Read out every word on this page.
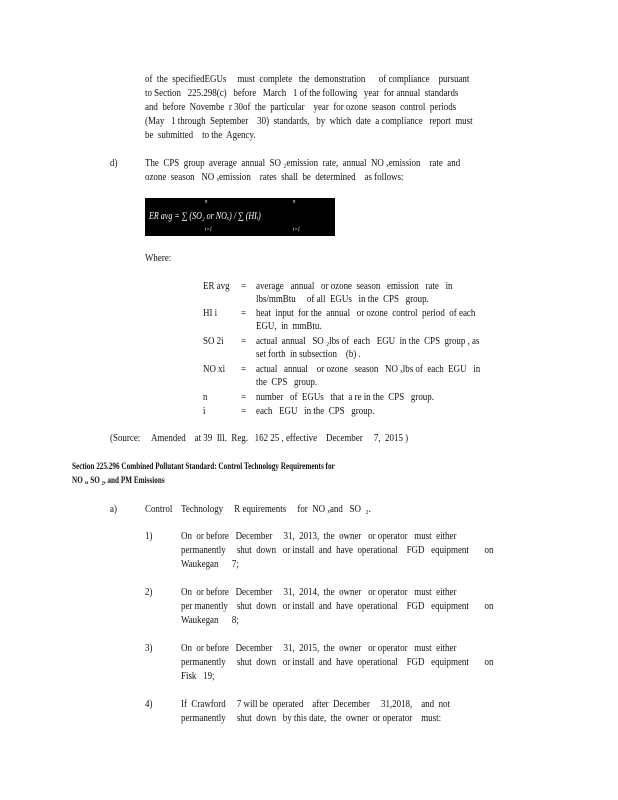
of  the  specifiedEGUs     must  complete   the  demonstration      of compliance    pursuant
to Section   225.298(c)   before   March   1 of the following   year  for annual  standards
and  before  Novembe  r 30of  the  particular    year  for ozone  season  control  periods
(May   1 through  September    30)  standards,   by  which  date  a compliance   report  must
be  submitted    to the  Agency.
d)	The  CPS  group  average  annual  SO ₂emission  rate,  annual  NO ₓemission    rate  and
ozone  season   NO ₓemission    rates  shall  be  determined    as follows:
ER avg = ∑ (SO₂ or NOₓ) / ∑ (HIᵢ)
n
i=1
n
i=1
Where:
ER avg = average   annual   or ozone  season   emission   rate   in
lbs/mmBtu     of all  EGUs   in the  CPS   group.
HI i = heat  input  for the  annual   or ozone  control  period  of each
EGU,  in  mmBtu.
SO 2i = actual  annual   SO ₂lbs of  each   EGU  in the  CPS  group , as
set forth  in subsection    (b) .
NO xi = actual   annual    or ozone   season   NO ₓlbs of  each  EGU   in
the  CPS   group.
n	= number   of  EGUs   that  a re in the  CPS   group.
i	= each   EGU   in the  CPS   group.
(Source:     Amended    at 39  Ill.  Reg.   162 25 , effective    December     7,  2015 )
Section 225.296 Combined Pollutant Standard: Control Technology Requirements for
NO ₓ, SO ₂, and PM Emissions
a)	Control    Technology     R equirements     for  NO ₓand   SO  ₂.
1)	On  or before   December     31,  2013,  the  owner   or operator   must  either
permanently     shut  down   or install  and  have  operational    FGD   equipment       on
Waukegan      7;
2)	On  or before   December     31,  2014,  the  owner   or operator   must  either
per manently    shut  down   or install  and  have  operational    FGD   equipment       on
Waukegan      8;
3)	On  or before   December     31,  2015,  the  owner   or operator   must  either
permanently     shut  down   or install  and  have  operational    FGD   equipment       on
Fisk   19;
4)	If  Crawford     7 will be  operated    after  December     31,2018,    and  not
permanently     shut  down   by this date,  the  owner  or operator    must:
